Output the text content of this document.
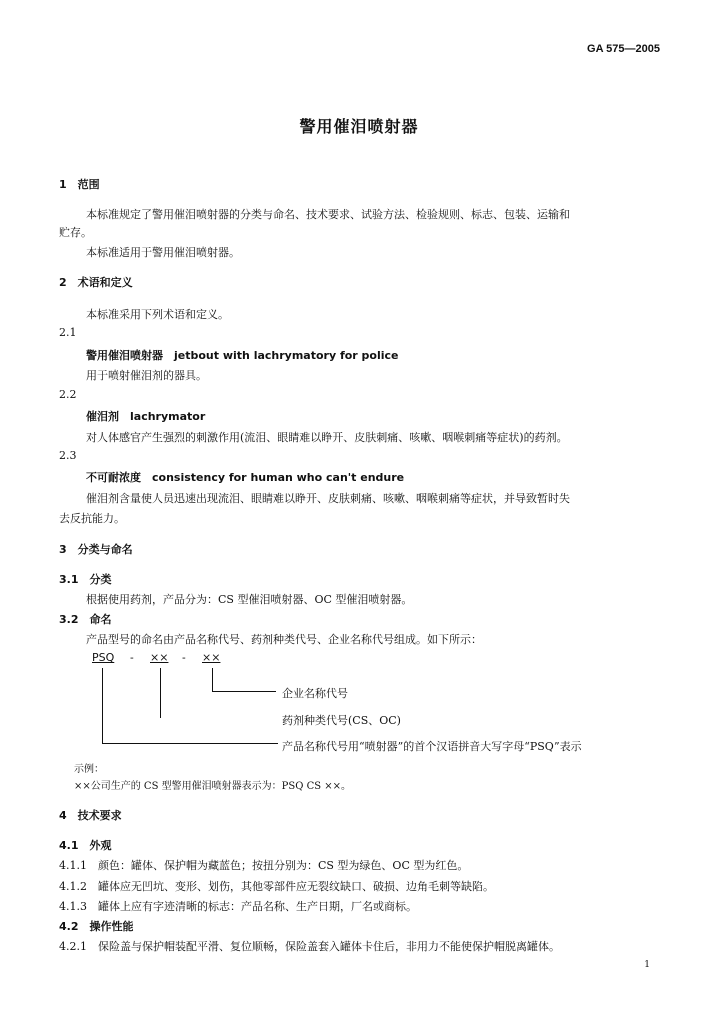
GA 575—2005
警用催泪喷射器
1　范围
本标准规定了警用催泪喷射器的分类与命名、技术要求、试验方法、检验规则、标志、包装、运输和
贮存。
本标准适用于警用催泪喷射器。
2　术语和定义
本标准采用下列术语和定义。
2.1
警用催泪喷射器　jetbout with lachrymatory for police
用于喷射催泪剂的器具。
2.2
催泪剂　lachrymator
对人体感官产生强烈的刺激作用(流泪、眼睛难以睁开、皮肤刺痛、咳嗽、咽喉刺痛等症状)的药剂。
2.3
不可耐浓度　consistency for human who can't endure
催泪剂含量使人员迅速出现流泪、眼睛难以睁开、皮肤刺痛、咳嗽、咽喉刺痛等症状，并导致暂时失
去反抗能力。
3　分类与命名
3.1　分类
根据使用药剂，产品分为：CS 型催泪喷射器、OC 型催泪喷射器。
3.2　命名
产品型号的命名由产品名称代号、药剂种类代号、企业名称代号组成。如下所示：
PSQ - ×× - ××
企业名称代号
药剂种类代号(CS、OC)
产品名称代号用“喷射器”的首个汉语拼音大写字母“PSQ”表示
示例：
××公司生产的 CS 型警用催泪喷射器表示为：PSQ CS ××。
4　技术要求
4.1　外观
4.1.1　颜色：罐体、保护帽为藏蓝色；按扭分别为：CS 型为绿色、OC 型为红色。
4.1.2　罐体应无凹坑、变形、划伤，其他零部件应无裂纹缺口、破损、边角毛刺等缺陷。
4.1.3　罐体上应有字迹清晰的标志：产品名称、生产日期，厂名或商标。
4.2　操作性能
4.2.1　保险盖与保护帽装配平滑、复位顺畅，保险盖套入罐体卡住后，非用力不能使保护帽脱离罐体。
1
